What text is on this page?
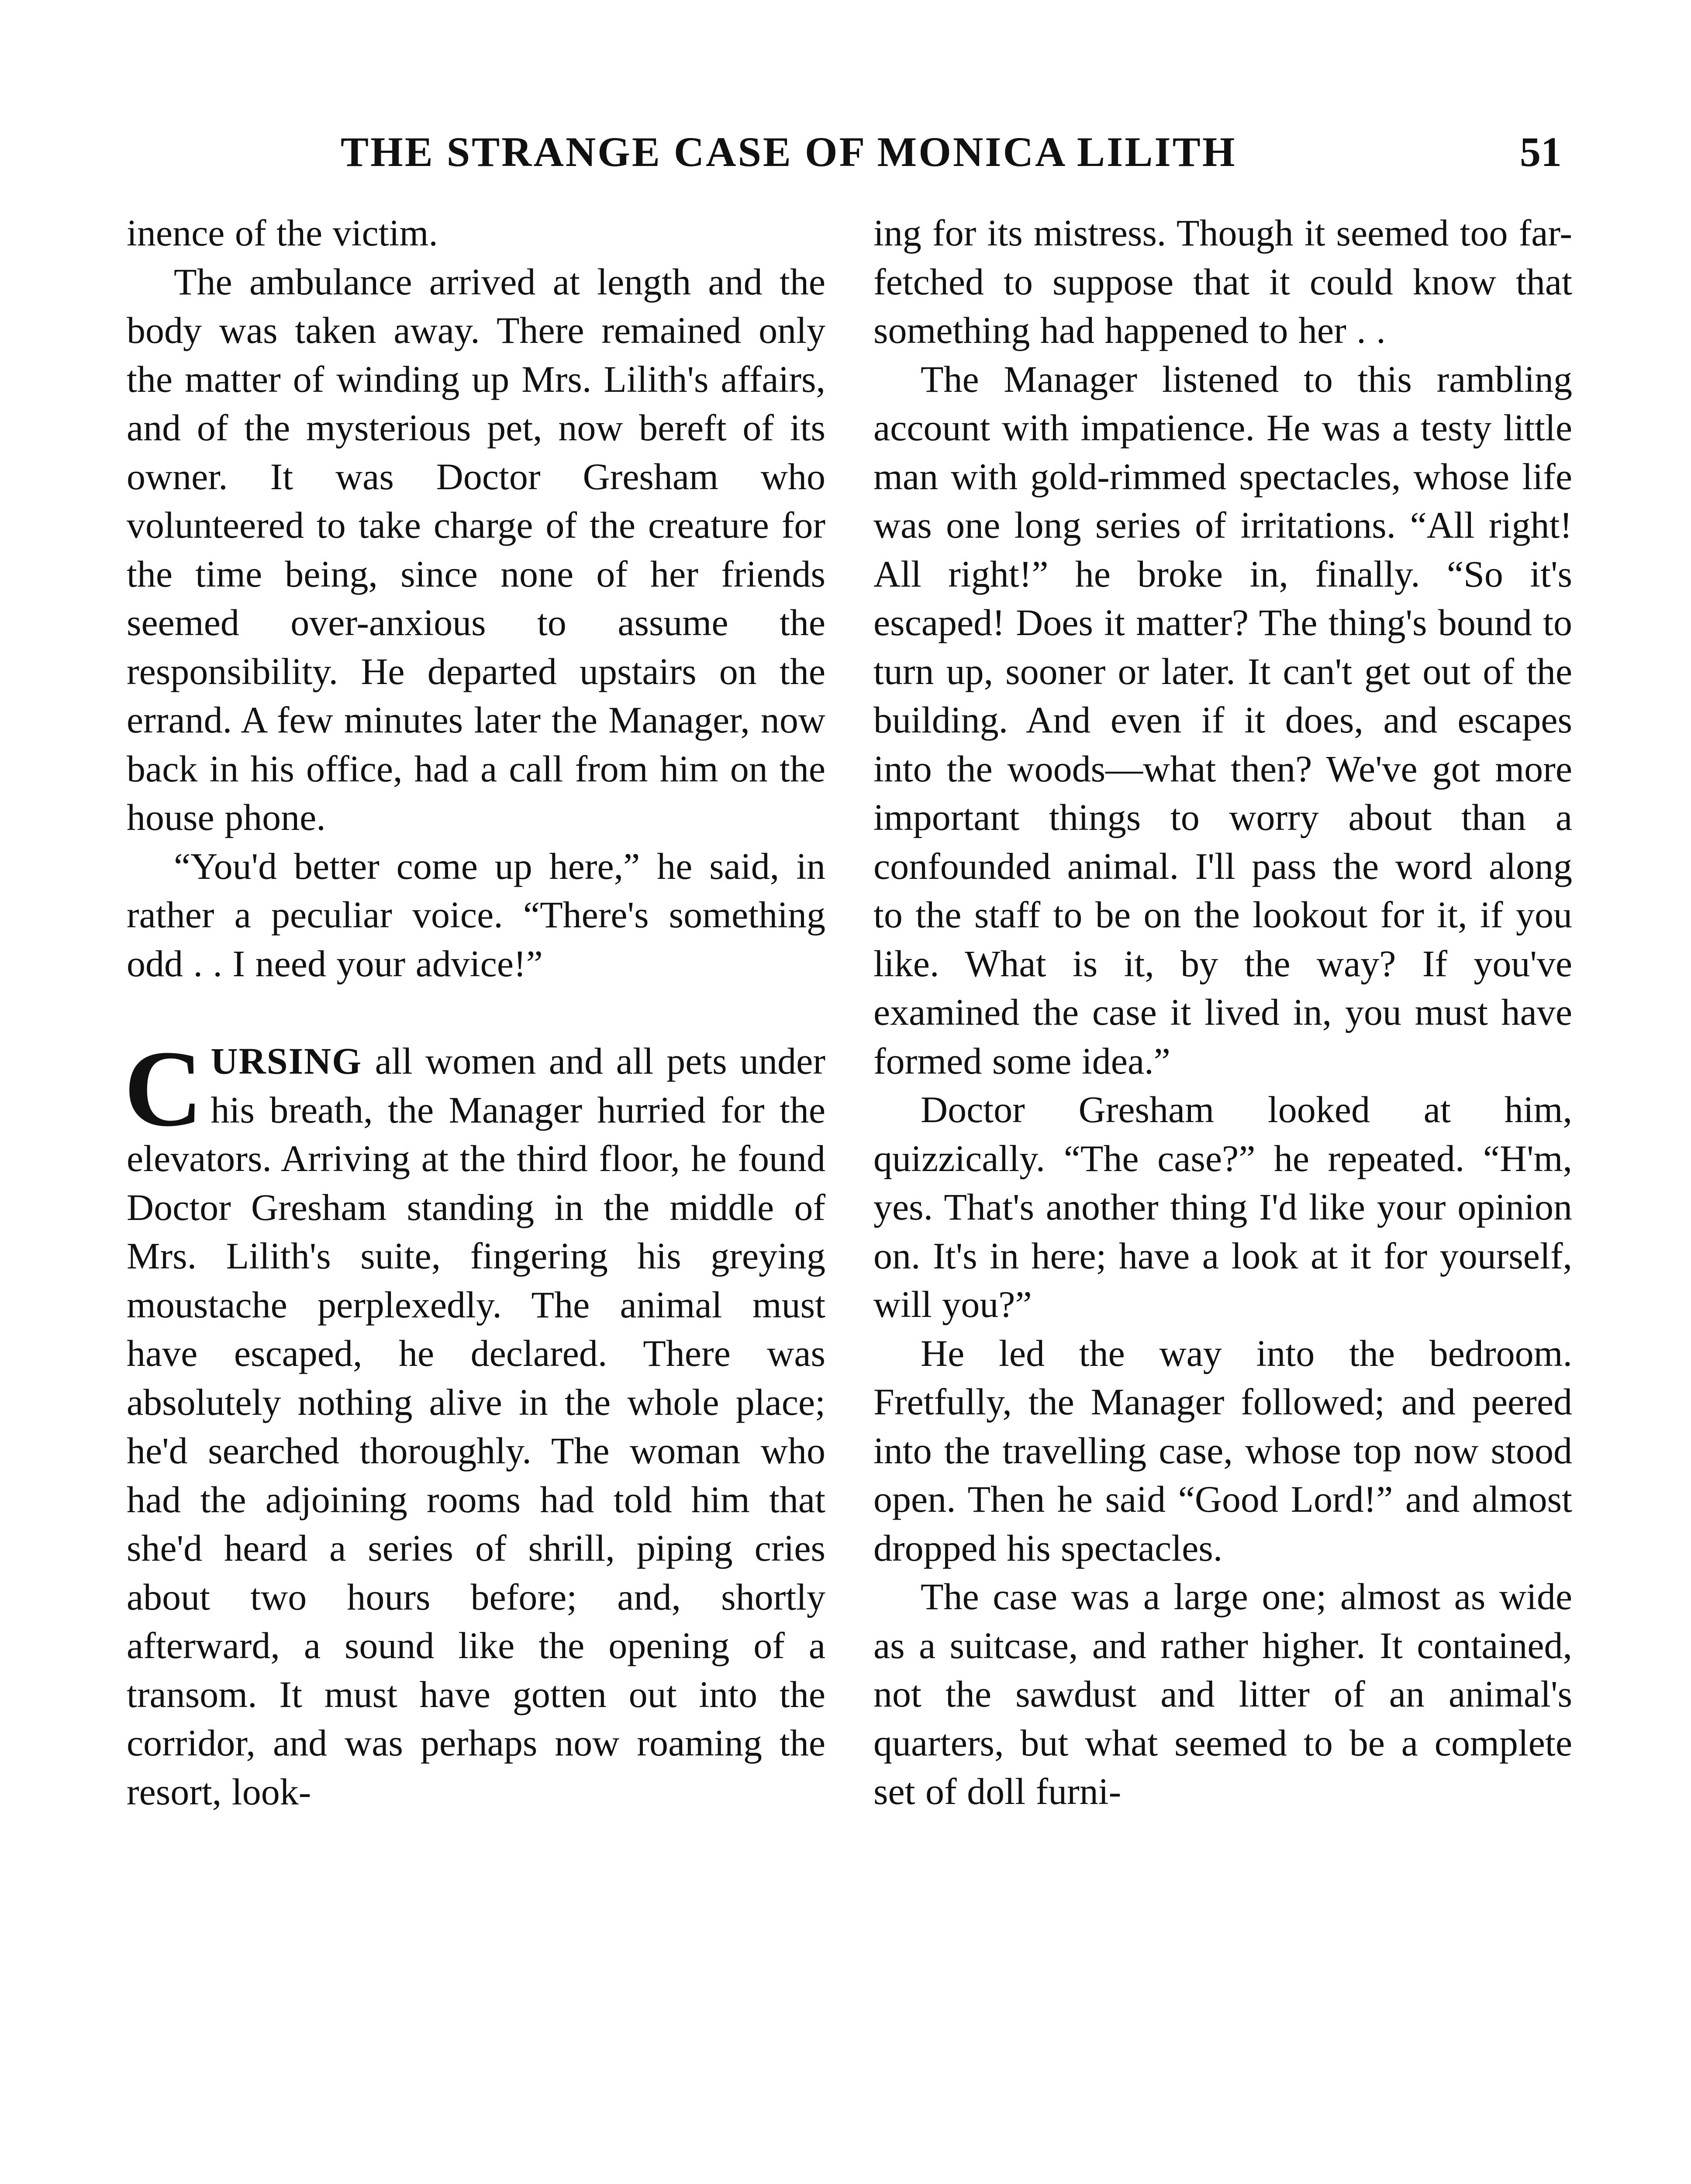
THE STRANGE CASE OF MONICA LILITH	51

inence of the victim.

The ambulance arrived at length and the body was taken away. There remained only the matter of winding up Mrs. Lilith's affairs, and of the mysterious pet, now bereft of its owner. It was Doctor Gresham who volunteered to take charge of the creature for the time being, since none of her friends seemed over-anxious to assume the responsibility. He departed upstairs on the errand. A few minutes later the Manager, now back in his office, had a call from him on the house phone.

“You'd better come up here,” he said, in rather a peculiar voice. “There's something odd . . I need your advice!”

CURSING all women and all pets under his breath, the Manager hurried for the elevators. Arriving at the third floor, he found Doctor Gresham standing in the middle of Mrs. Lilith's suite, fingering his greying moustache perplexedly. The animal must have escaped, he declared. There was absolutely nothing alive in the whole place; he'd searched thoroughly. The woman who had the adjoining rooms had told him that she'd heard a series of shrill, piping cries about two hours before; and, shortly afterward, a sound like the opening of a transom. It must have gotten out into the corridor, and was perhaps now roaming the resort, look-

ing for its mistress. Though it seemed too far-fetched to suppose that it could know that something had happened to her . .

The Manager listened to this rambling account with impatience. He was a testy little man with gold-rimmed spectacles, whose life was one long series of irritations. “All right! All right!” he broke in, finally. “So it's escaped! Does it matter? The thing's bound to turn up, sooner or later. It can't get out of the building. And even if it does, and escapes into the woods—what then? We've got more important things to worry about than a confounded animal. I'll pass the word along to the staff to be on the lookout for it, if you like. What is it, by the way? If you've examined the case it lived in, you must have formed some idea.”

Doctor Gresham looked at him, quizzically. “The case?” he repeated. “H'm, yes. That's another thing I'd like your opinion on. It's in here; have a look at it for yourself, will you?”

He led the way into the bedroom. Fretfully, the Manager followed; and peered into the travelling case, whose top now stood open. Then he said “Good Lord!” and almost dropped his spectacles.

The case was a large one; almost as wide as a suitcase, and rather higher. It contained, not the sawdust and litter of an animal's quarters, but what seemed to be a complete set of doll furni-
